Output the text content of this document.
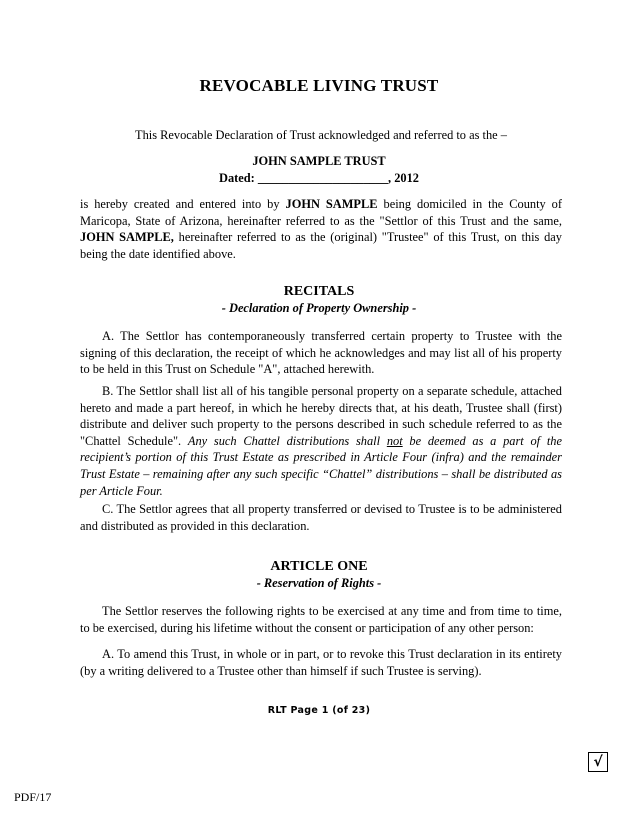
REVOCABLE LIVING TRUST
This Revocable Declaration of Trust acknowledged and referred to as the –
JOHN SAMPLE TRUST
Dated: _____________________, 2012
is hereby created and entered into by JOHN SAMPLE being domiciled in the County of Maricopa, State of Arizona, hereinafter referred to as the "Settlor of this Trust and the same, JOHN SAMPLE, hereinafter referred to as the (original) "Trustee" of this Trust, on this day being the date identified above.
RECITALS
- Declaration of Property Ownership -
A. The Settlor has contemporaneously transferred certain property to Trustee with the signing of this declaration, the receipt of which he acknowledges and may list all of his property to be held in this Trust on Schedule "A", attached herewith.
B. The Settlor shall list all of his tangible personal property on a separate schedule, attached hereto and made a part hereof, in which he hereby directs that, at his death, Trustee shall (first) distribute and deliver such property to the persons described in such schedule referred to as the "Chattel Schedule". Any such Chattel distributions shall not be deemed as a part of the recipient’s portion of this Trust Estate as prescribed in Article Four (infra) and the remainder Trust Estate – remaining after any such specific “Chattel” distributions – shall be distributed as per Article Four.
C. The Settlor agrees that all property transferred or devised to Trustee is to be administered and distributed as provided in this declaration.
ARTICLE ONE
- Reservation of Rights -
The Settlor reserves the following rights to be exercised at any time and from time to time, to be exercised, during his lifetime without the consent or participation of any other person:
A. To amend this Trust, in whole or in part, or to revoke this Trust declaration in its entirety (by a writing delivered to a Trustee other than himself if such Trustee is serving).
RLT Page 1 (of 23)
√
PDF/17
